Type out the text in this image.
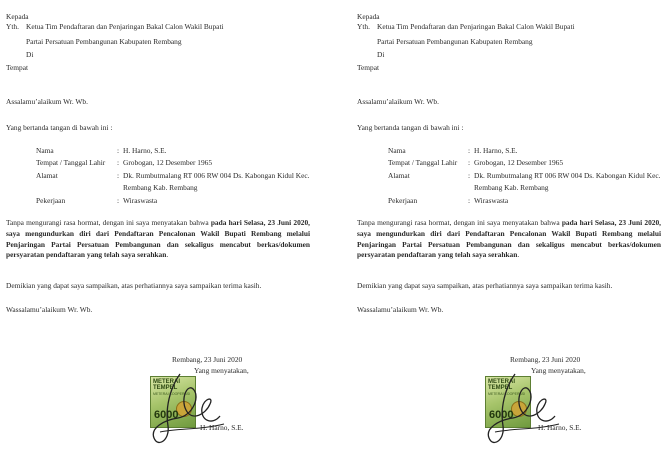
Kepada
Yth. Ketua Tim Pendaftaran dan Penjaringan Bakal Calon Wakil Bupati
Partai Persatuan Pembangunan Kabupaten Rembang
Di
Tempat
Assalamu’alaikum Wr. Wb.
Yang bertanda tangan di bawah ini :
Nama	: H. Harno, S.E.
Tempat / Tanggal Lahir : Grobogan, 12 Desember 1965
Alamat	: Dk. Rumbutmalang RT 006 RW 004 Ds. Kabongan Kidul Kec.
Rembang Kab. Rembang
Pekerjaan	: Wiraswasta
Tanpa mengurangi rasa hormat, dengan ini saya menyatakan bahwa pada hari Selasa, 23 Juni 2020, saya mengundurkan diri dari Pendaftaran Pencalonan Wakil Bupati Rembang melalui Penjaringan Partai Persatuan Pembangunan dan sekaligus mencabut berkas/dokumen persyaratan pendaftaran yang telah saya serahkan.
Demikian yang dapat saya sampaikan, atas perhatiannya saya sampaikan terima kasih.
Wassalamu’alaikum Wr. Wb.
Rembang, 23 Juni 2020
Yang menyatakan,
METERAI
TEMPEL
METERAI KOOPERASI
6000
H. Harno, S.E.
Kepada
Yth. Ketua Tim Pendaftaran dan Penjaringan Bakal Calon Wakil Bupati
Partai Persatuan Pembangunan Kabupaten Rembang
Di
Tempat
Assalamu’alaikum Wr. Wb.
Yang bertanda tangan di bawah ini :
Nama	: H. Harno, S.E.
Tempat / Tanggal Lahir : Grobogan, 12 Desember 1965
Alamat	: Dk. Rumbutmalang RT 006 RW 004 Ds. Kabongan Kidul Kec.
Rembang Kab. Rembang
Pekerjaan	: Wiraswasta
Tanpa mengurangi rasa hormat, dengan ini saya menyatakan bahwa pada hari Selasa, 23 Juni 2020, saya mengundurkan diri dari Pendaftaran Pencalonan Wakil Bupati Rembang melalui Penjaringan Partai Persatuan Pembangunan dan sekaligus mencabut berkas/dokumen persyaratan pendaftaran yang telah saya serahkan.
Demikian yang dapat saya sampaikan, atas perhatiannya saya sampaikan terima kasih.
Wassalamu’alaikum Wr. Wb.
Rembang, 23 Juni 2020
Yang menyatakan,
METERAI
TEMPEL
METERAI KOOPERASI
6000
H. Harno, S.E.
